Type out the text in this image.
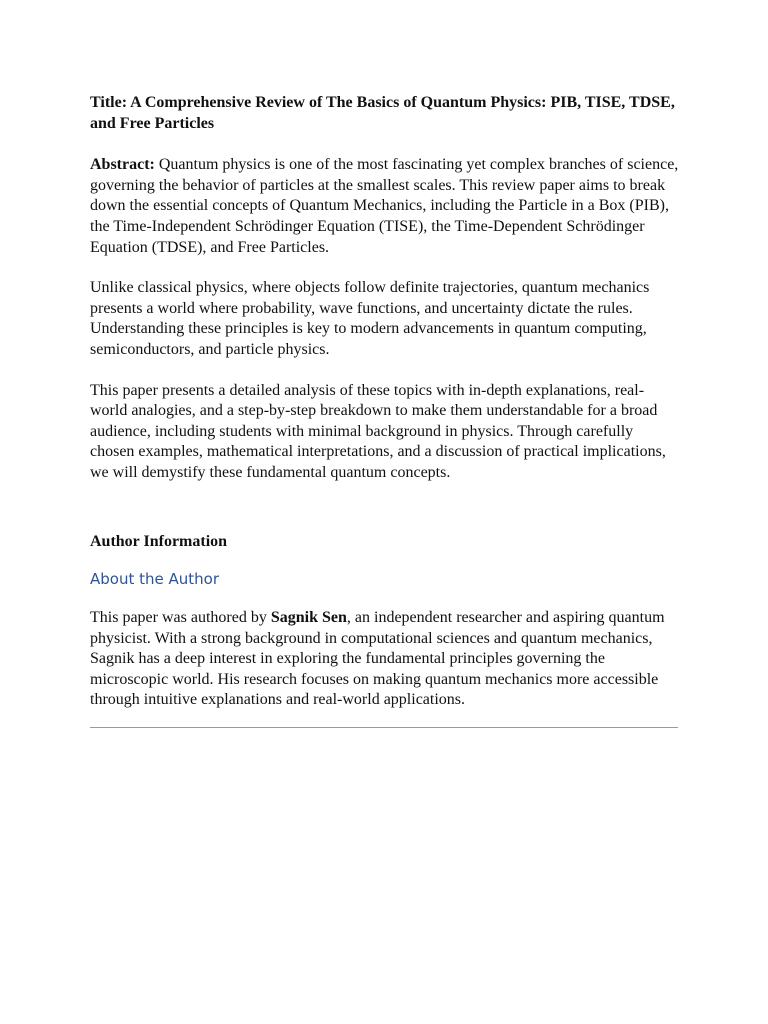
Title: A Comprehensive Review of The Basics of Quantum Physics: PIB, TISE, TDSE, and Free Particles

Abstract: Quantum physics is one of the most fascinating yet complex branches of science, governing the behavior of particles at the smallest scales. This review paper aims to break down the essential concepts of Quantum Mechanics, including the Particle in a Box (PIB), the Time-Independent Schrödinger Equation (TISE), the Time-Dependent Schrödinger Equation (TDSE), and Free Particles.

Unlike classical physics, where objects follow definite trajectories, quantum mechanics presents a world where probability, wave functions, and uncertainty dictate the rules. Understanding these principles is key to modern advancements in quantum computing, semiconductors, and particle physics.

This paper presents a detailed analysis of these topics with in-depth explanations, real-world analogies, and a step-by-step breakdown to make them understandable for a broad audience, including students with minimal background in physics. Through carefully chosen examples, mathematical interpretations, and a discussion of practical implications, we will demystify these fundamental quantum concepts.

Author Information

About the Author

This paper was authored by Sagnik Sen, an independent researcher and aspiring quantum physicist. With a strong background in computational sciences and quantum mechanics, Sagnik has a deep interest in exploring the fundamental principles governing the microscopic world. His research focuses on making quantum mechanics more accessible through intuitive explanations and real-world applications.
